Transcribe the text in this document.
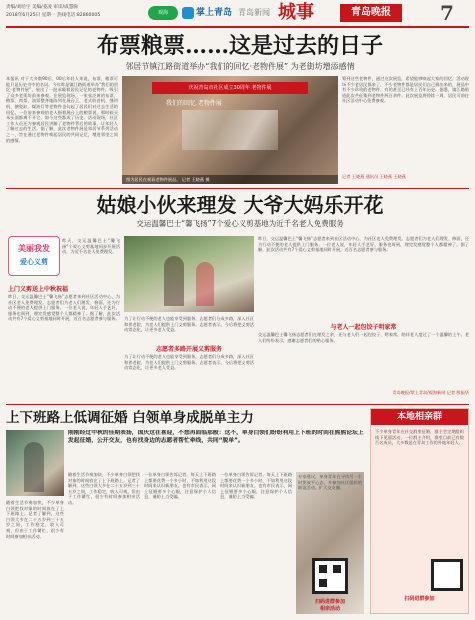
责编/刘哈宇 美编/姜凌 审读/咸慧胸
2018年6月25日 星期一 热线电话:82860005	观海	掌上青岛 青岛新闻 城事	青岛晚报	7
布票粮票……这是过去的日子
邻居节镇江路街道举办“我们的回忆·老物件展” 为老街坊增添感情
本报讯 对于大多数90后、00后年轻人来说，布票、粮票可能只是历史书中的名词。今年昨是镇江路街道举办“我们的回忆·老物件展”，展出了一批承载着居民记忆的老物件，吸引了众多老街坊前来参观。在展览现场，一张张泛黄的布票、粮票、肉票、油票整齐地陈列在展台上，老式收音机、缝纫机、搪瓷缸、煤油灯等老物件也勾起了居民们对过去生活的回忆。一位前来参观的老人指着展台上的粮票说，那时候买米买面都离不开它，如今这些都成了历史。活动现场，社区工作人员还为参观居民讲解了老物件背后的故事，让年轻人了解过去的生活。据了解，此次老物件展是邻居节系列活动之一，旨在通过老物件唤起居民的共同记忆，增进邻里之间的感情。
庆祝青岛市社区成立30周年 老物件展
我们的回忆 老物件展
图为居民在观看老物件展品。 记者 王晓燕 摄
筹到这些老物件，通过这次展览，希望能够唤起大家的回忆。活动现场不少老居民都来了，不少老物件都是居民们自己捐出来的，展品中有不少珍贵的老物件，有的甚至已经有上百年历史。据悉，镇江路街道此次共征集到老物件两百余件。此次展览将持续一周，居民可前往社区活动中心免费参观。
记者 王晓燕 通讯员 王晓燕 王晓燕
姑娘小伙来理发 大爷大妈乐开花
交运温馨巴士“馨飞扬”7个爱心义剪基地为近千名老人免费服务
美丽我发
爱心义剪
昨天，交运温馨巴士“馨飞扬”个爱心义剪基地同步开展活动，为近千名老人免费理发。
上门义剪送上中秋祝福
昨日，交运温馨巴士“馨飞扬”志愿者来到社区活动中心，为社区老人免费理发。志愿者们为老人们理发、修面，还为行动不便的老人提供上门服务。一位老人说，年轻人手艺好，服务也周到，理完发感觉整个人都精神了。据了解，此次活动共有7个爱心义剪基地同时开展，近百名志愿者参与服务。 为了让行动不便的老人也能享受到服务，志愿者们分成多路，深入社区和养老院，为老人们提供上门义剪服务。志愿者表示，今后将把义剪活动常态化，让更多老人受益。
志愿者多路开展义剪服务
为了让行动不便的老人也能享受到服务，志愿者们分成多路，深入社区和养老院，为老人们提供上门义剪服务。志愿者表示，今后将把义剪活动常态化，让更多老人受益。
昨日，交运温馨巴士“馨飞扬”志愿者来到社区活动中心，为社区老人免费理发。志愿者们为老人们理发、修面，还为行动不便的老人提供上门服务。一位老人说，年轻人手艺好，服务也周到，理完发感觉整个人都精神了。据了解，此次活动共有7个爱心义剪基地同时开展，近百名志愿者参与服务。
与老人一起包饺子明家常
交运温馨巴士馨飞扬志愿者们在理发之余，还与老人们一起包饺子、唠家常，陪伴老人度过了一个温馨的上午。老人们纷纷表示，感谢志愿者们的贴心服务。
青岛晚报/掌上青岛/观海新闻 记者 殷振华
上下班路上低调征婚 白领单身成脱单主力
刚刚经过中秋的佳期表扬，国庆这在喜迎，不想再面临那般：这不，单身白领们纷纷利用上下班的时间在熊熊论坛上发起征婚，公开交友，也有找身边的志愿者帮忙牵线，共同“脱单”。
随着生活节奏加快，不少单身白领把找对象的时间放在了上下班路上。记者了解到，这些白领大多在二十五岁到三十五岁之间，工作稳定，收入可观，但由于工作繁忙，很少有时间参加相亲活动。
随着生活节奏加快，不少单身白领把找对象的时间放在了上下班路上。记者了解到，这些白领大多在二十五岁到三十五岁之间，工作稳定，收入可观，但由于工作繁忙，很少有时间参加相亲活动。
一位单身白领告诉记者，每天上下班路上都要花费一个多小时，不如利用这段时间来认识新朋友。也有市民表示，网上征婚要多个心眼，注意保护个人信息，谨防上当受骗。
一位单身白领告诉记者，每天上下班路上都要花费一个多小时，不如利用这段时间来认识新朋友。也有市民表示，网上征婚要多个心眼，注意保护个人信息，谨防上当受骗。
专家建议，单身青年在寻找另一半时要放平心态，多参加社区组织的联谊活动，扩大交友圈。
扫码进群参加
相亲活动
本地相亲群
不少单身青年在社交群里征婚，群主会定期组织线下见面活动，一位群主介绍，群里目前已有数百名成员，大多数是在青岛工作的外地年轻人。
扫码进群参加
